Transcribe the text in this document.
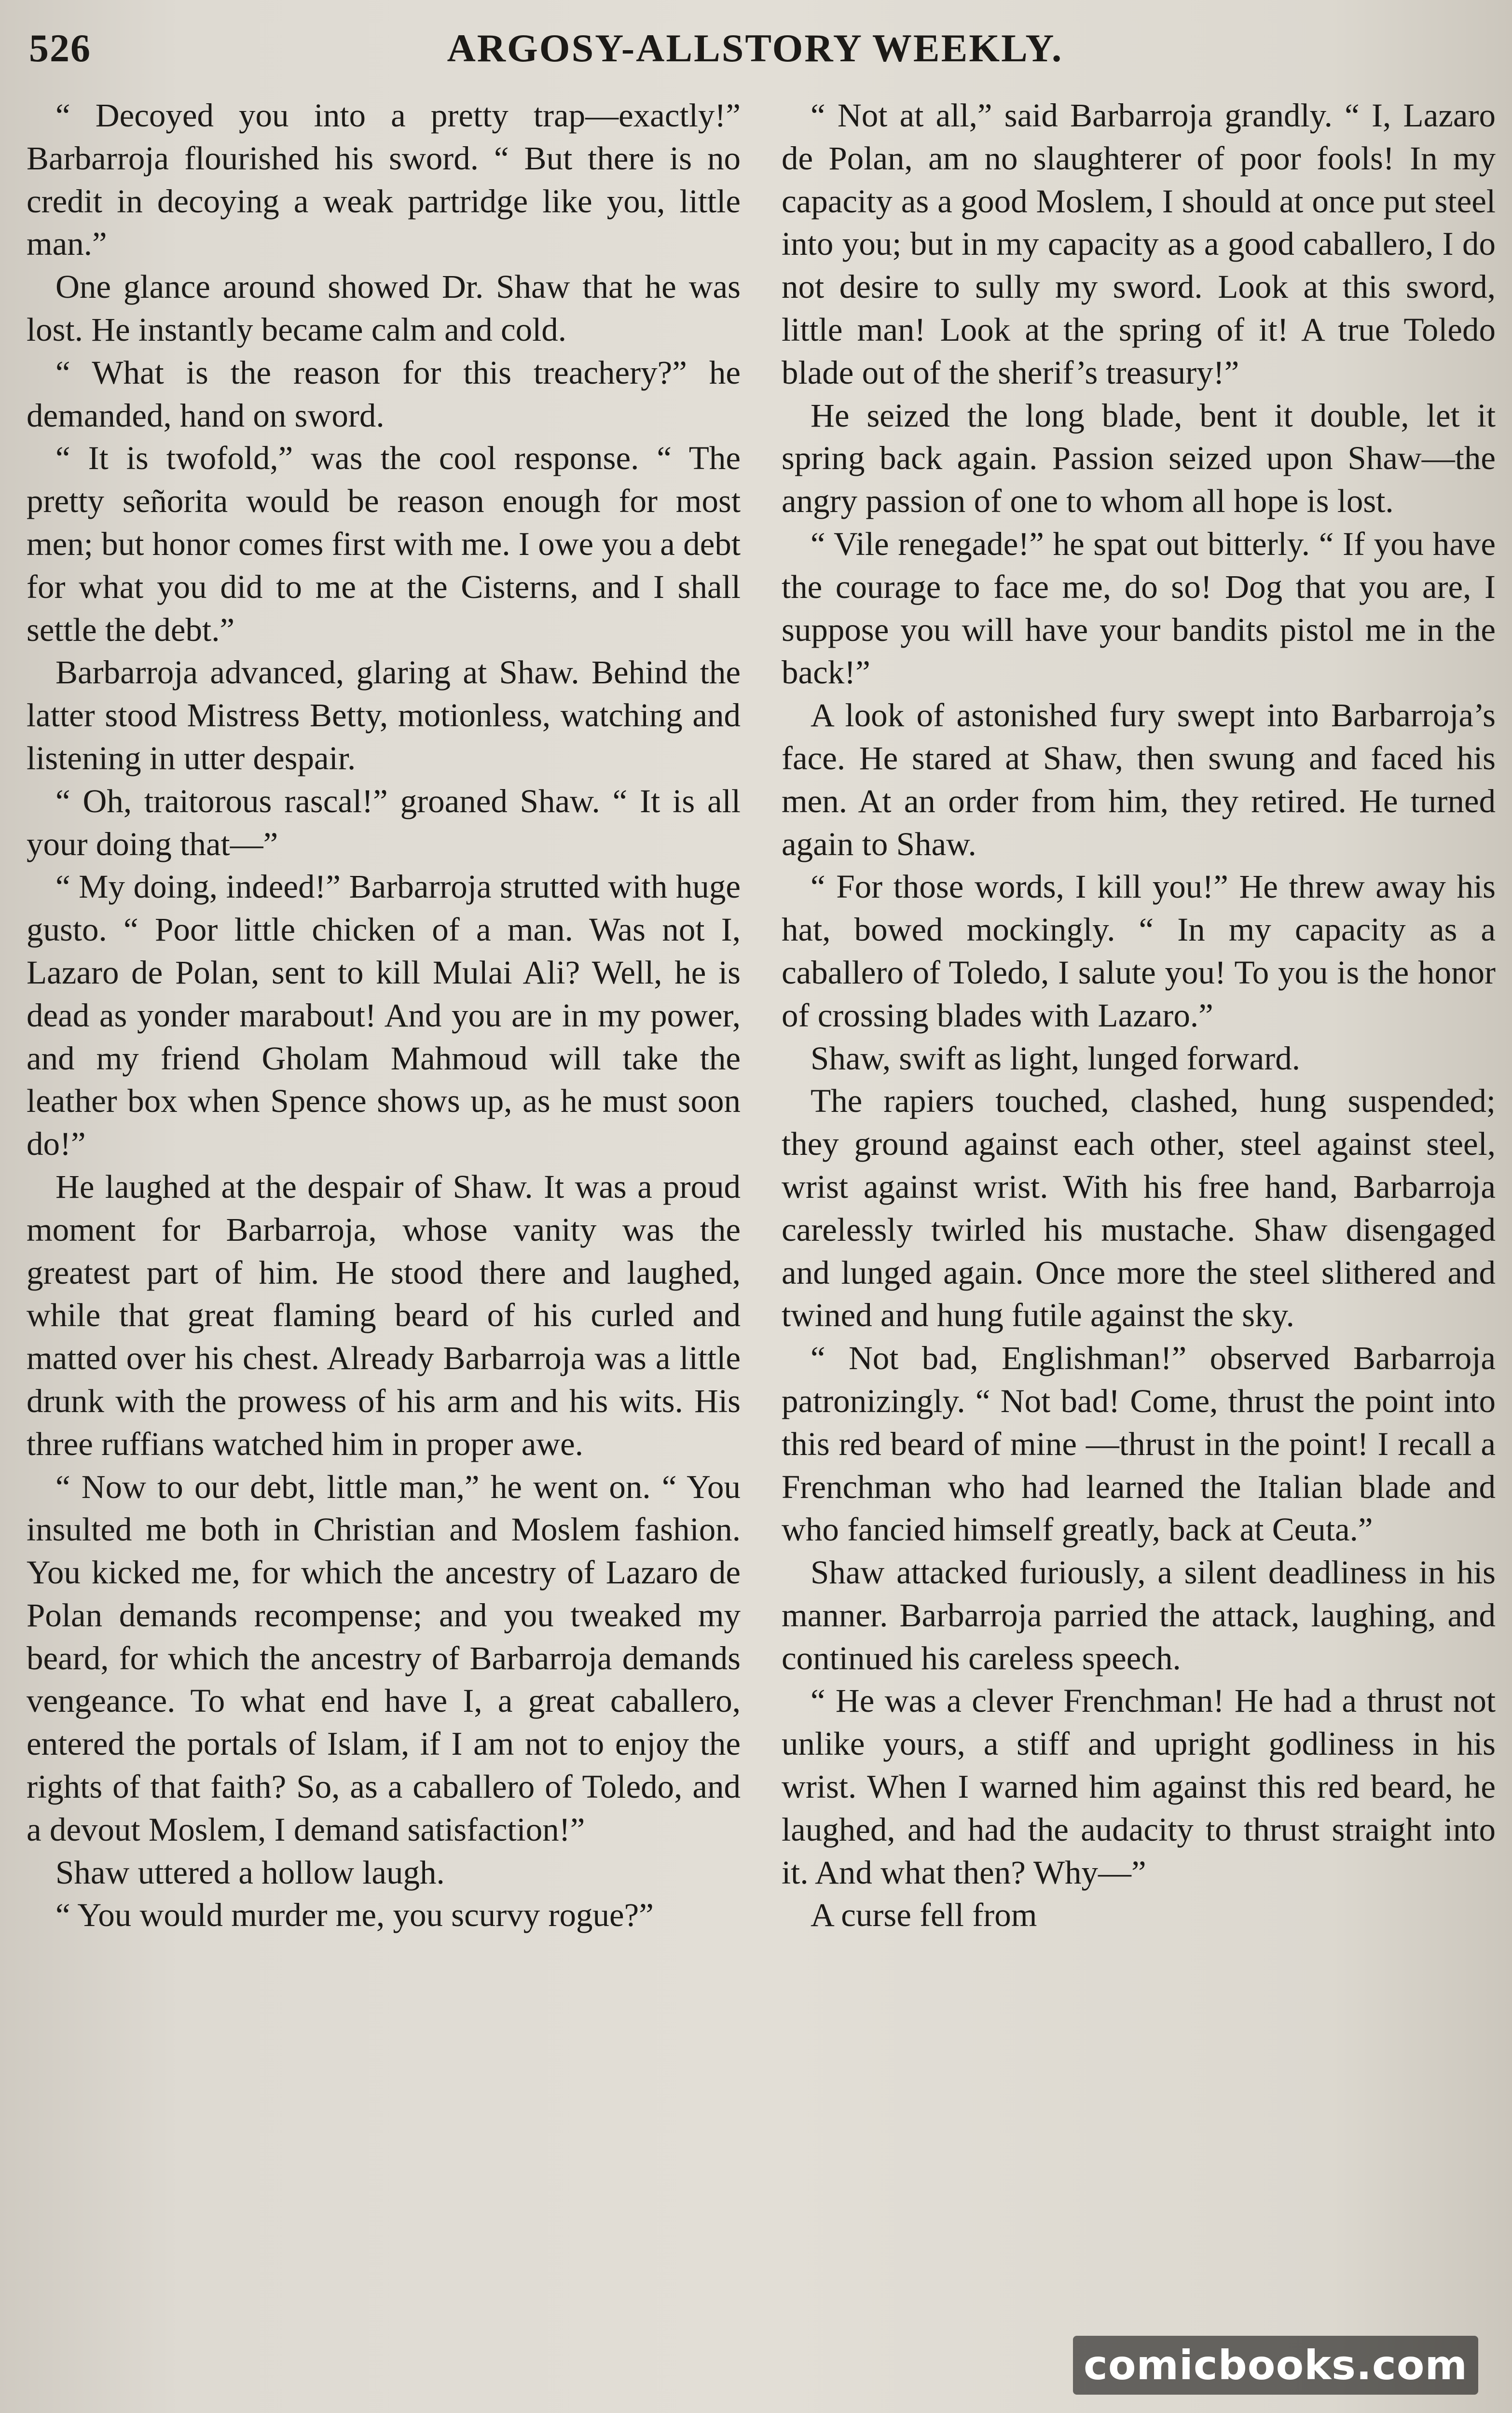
526	ARGOSY-ALLSTORY WEEKLY.

“ Decoyed you into a pretty trap—exactly!” Barbarroja flourished his sword. “ But there is no credit in decoying a weak partridge like you, little man.”

One glance around showed Dr. Shaw that he was lost. He instantly became calm and cold.

“ What is the reason for this treachery?” he demanded, hand on sword.

“ It is twofold,” was the cool response. “ The pretty señorita would be reason enough for most men; but honor comes first with me. I owe you a debt for what you did to me at the Cisterns, and I shall settle the debt.”

Barbarroja advanced, glaring at Shaw. Behind the latter stood Mistress Betty, motionless, watching and listening in utter despair.

“ Oh, traitorous rascal!” groaned Shaw. “ It is all your doing that—”

“ My doing, indeed!” Barbarroja strutted with huge gusto. “ Poor little chicken of a man. Was not I, Lazaro de Polan, sent to kill Mulai Ali? Well, he is dead as yonder marabout! And you are in my power, and my friend Gholam Mahmoud will take the leather box when Spence shows up, as he must soon do!”

He laughed at the despair of Shaw. It was a proud moment for Barbarroja, whose vanity was the greatest part of him. He stood there and laughed, while that great flaming beard of his curled and matted over his chest. Already Barbarroja was a little drunk with the prowess of his arm and his wits. His three ruffians watched him in proper awe.

“ Now to our debt, little man,” he went on. “ You insulted me both in Christian and Moslem fashion. You kicked me, for which the ancestry of Lazaro de Polan demands recompense; and you tweaked my beard, for which the ancestry of Barbarroja demands vengeance. To what end have I, a great caballero, entered the portals of Islam, if I am not to enjoy the rights of that faith? So, as a caballero of Toledo, and a devout Moslem, I demand satisfaction!”

Shaw uttered a hollow laugh.

“ You would murder me, you scurvy rogue?”

“ Not at all,” said Barbarroja grandly. “ I, Lazaro de Polan, am no slaughterer of poor fools! In my capacity as a good Moslem, I should at once put steel into you; but in my capacity as a good caballero, I do not desire to sully my sword. Look at this sword, little man! Look at the spring of it! A true Toledo blade out of the sherif’s treasury!”

He seized the long blade, bent it double, let it spring back again. Passion seized upon Shaw—the angry passion of one to whom all hope is lost.

“ Vile renegade!” he spat out bitterly. “ If you have the courage to face me, do so! Dog that you are, I suppose you will have your bandits pistol me in the back!”

A look of astonished fury swept into Barbarroja’s face. He stared at Shaw, then swung and faced his men. At an order from him, they retired. He turned again to Shaw.

“ For those words, I kill you!” He threw away his hat, bowed mockingly. “ In my capacity as a caballero of Toledo, I salute you! To you is the honor of crossing blades with Lazaro.”

Shaw, swift as light, lunged forward.

The rapiers touched, clashed, hung suspended; they ground against each other, steel against steel, wrist against wrist. With his free hand, Barbarroja carelessly twirled his mustache. Shaw disengaged and lunged again. Once more the steel slithered and twined and hung futile against the sky.

“ Not bad, Englishman!” observed Barbarroja patronizingly. “ Not bad! Come, thrust the point into this red beard of mine —thrust in the point! I recall a Frenchman who had learned the Italian blade and who fancied himself greatly, back at Ceuta.”

Shaw attacked furiously, a silent deadliness in his manner. Barbarroja parried the attack, laughing, and continued his careless speech.

“ He was a clever Frenchman! He had a thrust not unlike yours, a stiff and upright godliness in his wrist. When I warned him against this red beard, he laughed, and had the audacity to thrust straight into it. And what then? Why—”

A curse fell from

comicbooks.com
